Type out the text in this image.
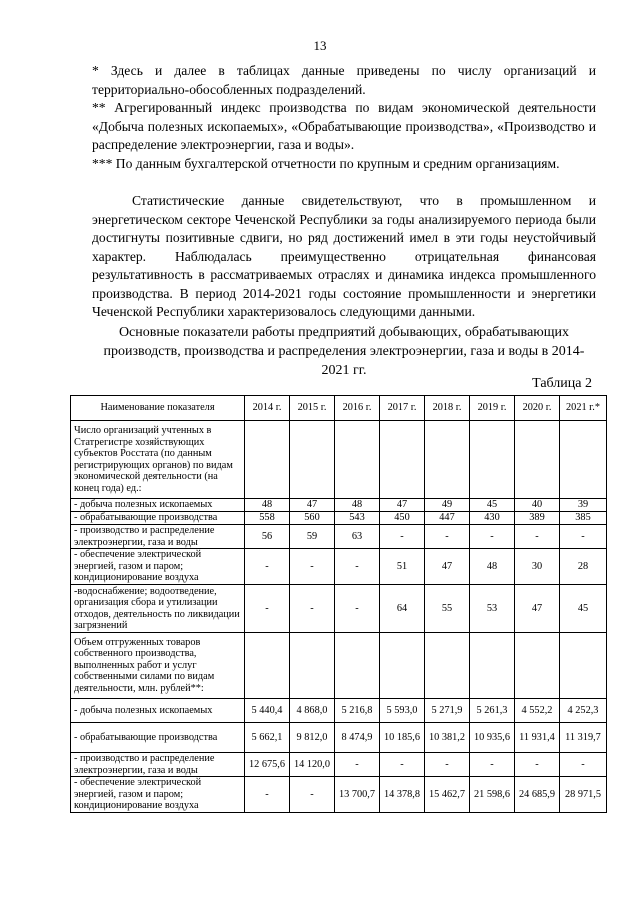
13
* Здесь и далее в таблицах данные приведены по числу организаций и территориально-обособленных подразделений.
** Агрегированный индекс производства по видам экономической деятельности «Добыча полезных ископаемых», «Обрабатывающие производства», «Производство и распределение электроэнергии, газа и воды».
*** По данным бухгалтерской отчетности по крупным и средним организациям.
Статистические данные свидетельствуют, что в промышленном и энергетическом секторе Чеченской Республики за годы анализируемого периода были достигнуты позитивные сдвиги, но ряд достижений имел в эти годы неустойчивый характер. Наблюдалась преимущественно отрицательная финансовая результативность в рассматриваемых отраслях и динамика индекса промышленного производства. В период 2014-2021 годы состояние промышленности и энергетики Чеченской Республики характеризовалось следующими данными.
Основные показатели работы предприятий добывающих, обрабатывающих производств, производства и распределения электроэнергии, газа и воды в 2014-2021 гг.
Таблица 2
Наименование показателя	2014 г.	2015 г.	2016 г.	2017 г.	2018 г.	2019 г.	2020 г.	2021 г.*
Число организаций учтенных в Статрегистре хозяйствующих субъектов Росстата (по данным регистрирующих органов) по видам экономической деятельности (на конец года) ед.:								
- добыча полезных ископаемых	48	47	48	47	49	45	40	39
- обрабатывающие производства	558	560	543	450	447	430	389	385
- производство и распределение электроэнергии, газа и воды	56	59	63	-	-	-	-	-
- обеспечение электрической энергией, газом и паром; кондиционирование воздуха	-	-	-	51	47	48	30	28
-водоснабжение; водоотведение, организация сбора и утилизации отходов, деятельность по ликвидации загрязнений	-	-	-	64	55	53	47	45
Объем отгруженных товаров собственного производства, выполненных работ и услуг собственными силами по видам деятельности, млн. рублей**:								
- добыча полезных ископаемых	5 440,4	4 868,0	5 216,8	5 593,0	5 271,9	5 261,3	4 552,2	4 252,3
- обрабатывающие производства	5 662,1	9 812,0	8 474,9	10 185,6	10 381,2	10 935,6	11 931,4	11 319,7
- производство и распределение электроэнергии, газа и воды	12 675,6	14 120,0	-	-	-	-	-	-
- обеспечение электрической энергией, газом и паром; кондиционирование воздуха	-	-	13 700,7	14 378,8	15 462,7	21 598,6	24 685,9	28 971,5
